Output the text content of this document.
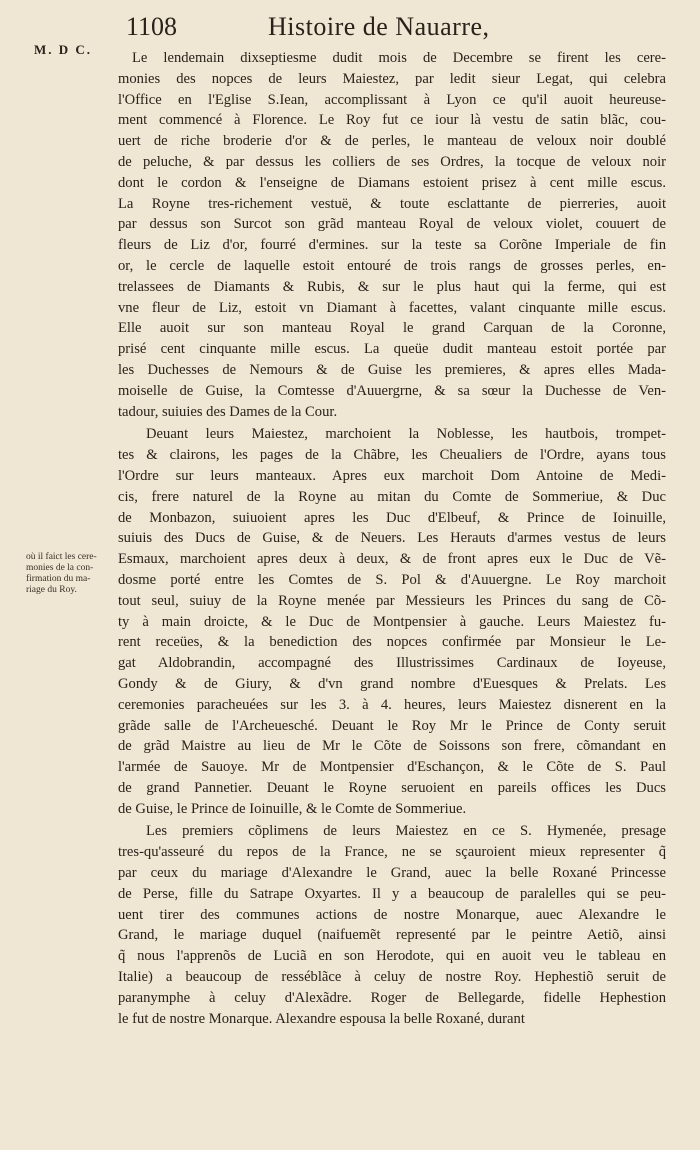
M. D C.
1108	Histoire de Nauarre,
où il faict les cere-
monies de la con-
firmation du ma-
riage du Roy.
Le lendemain dixseptiesme dudit mois de Decembre se firent les cere-
monies des nopces de leurs Maiestez, par ledit sieur Legat, qui celebra
l'Office en l'Eglise S.Iean, accomplissant à Lyon ce qu'il auoit heureuse-
ment commencé à Florence. Le Roy fut ce iour là vestu de satin blãc, cou-
uert de riche broderie d'or & de perles, le manteau de veloux noir doublé
de peluche, & par dessus les colliers de ses Ordres, la tocque de veloux noir
dont le cordon & l'enseigne de Diamans estoient prisez à cent mille escus.
La Royne tres-richement vestuë, & toute esclattante de pierreries, auoit
par dessus son Surcot son grãd manteau Royal de veloux violet, couuert de
fleurs de Liz d'or, fourré d'ermines. sur la teste sa Corõne Imperiale de fin
or, le cercle de laquelle estoit entouré de trois rangs de grosses perles, en-
trelassees de Diamants & Rubis, & sur le plus haut qui la ferme, qui est
vne fleur de Liz, estoit vn Diamant à facettes, valant cinquante mille escus.
Elle auoit sur son manteau Royal le grand Carquan de la Coronne,
prisé cent cinquante mille escus. La queüe dudit manteau estoit portée par
les Duchesses de Nemours & de Guise les premieres, & apres elles Mada-
moiselle de Guise, la Comtesse d'Auuergrne, & sa sœur la Duchesse de Ven-
tadour, suiuies des Dames de la Cour.
Deuant leurs Maiestez, marchoient la Noblesse, les hautbois, trompet-
tes & clairons, les pages de la Chãbre, les Cheualiers de l'Ordre, ayans tous
l'Ordre sur leurs manteaux. Apres eux marchoit Dom Antoine de Medi-
cis, frere naturel de la Royne au mitan du Comte de Sommeriue, & Duc
de Monbazon, suiuoient apres les Duc d'Elbeuf, & Prince de Ioinuille,
suiuis des Ducs de Guise, & de Neuers. Les Herauts d'armes vestus de leurs
Esmaux, marchoient apres deux à deux, & de front apres eux le Duc de Vẽ-
dosme porté entre les Comtes de S. Pol & d'Auuergne. Le Roy marchoit
tout seul, suiuy de la Royne menée par Messieurs les Princes du sang de Cõ-
ty à main droicte, & le Duc de Montpensier à gauche. Leurs Maiestez fu-
rent receües, & la benediction des nopces confirmée par Monsieur le Le-
gat Aldobrandin, accompagné des Illustrissimes Cardinaux de Ioyeuse,
Gondy & de Giury, & d'vn grand nombre d'Euesques & Prelats. Les
ceremonies paracheuées sur les 3. à 4. heures, leurs Maiestez disnerent en la
grãde salle de l'Archeuesché. Deuant le Roy Mr le Prince de Conty seruit
de grãd Maistre au lieu de Mr le Cõte de Soissons son frere, cõmandant en
l'armée de Sauoye. Mr de Montpensier d'Eschançon, & le Cõte de S. Paul
de grand Pannetier. Deuant le Royne seruoient en pareils offices les Ducs
de Guise, le Prince de Ioinuille, & le Comte de Sommeriue.
Les premiers cõplimens de leurs Maiestez en ce S. Hymenée, presage
tres-qu'asseuré du repos de la France, ne se sçauroient mieux representer q̃
par ceux du mariage d'Alexandre le Grand, auec la belle Roxané Princesse
de Perse, fille du Satrape Oxyartes. Il y a beaucoup de paralelles qui se peu-
uent tirer des communes actions de nostre Monarque, auec Alexandre le
Grand, le mariage duquel (naifuemẽt representé par le peintre Aetiõ, ainsi
q̃ nous l'apprenõs de Luciã en son Herodote, qui en auoit veu le tableau en
Italie) a beaucoup de resséblãce à celuy de nostre Roy. Hephestiõ seruit de
paranymphe à celuy d'Alexãdre. Roger de Bellegarde, fidelle Hephestion
le fut de nostre Monarque. Alexandre espousa la belle Roxané, durant
